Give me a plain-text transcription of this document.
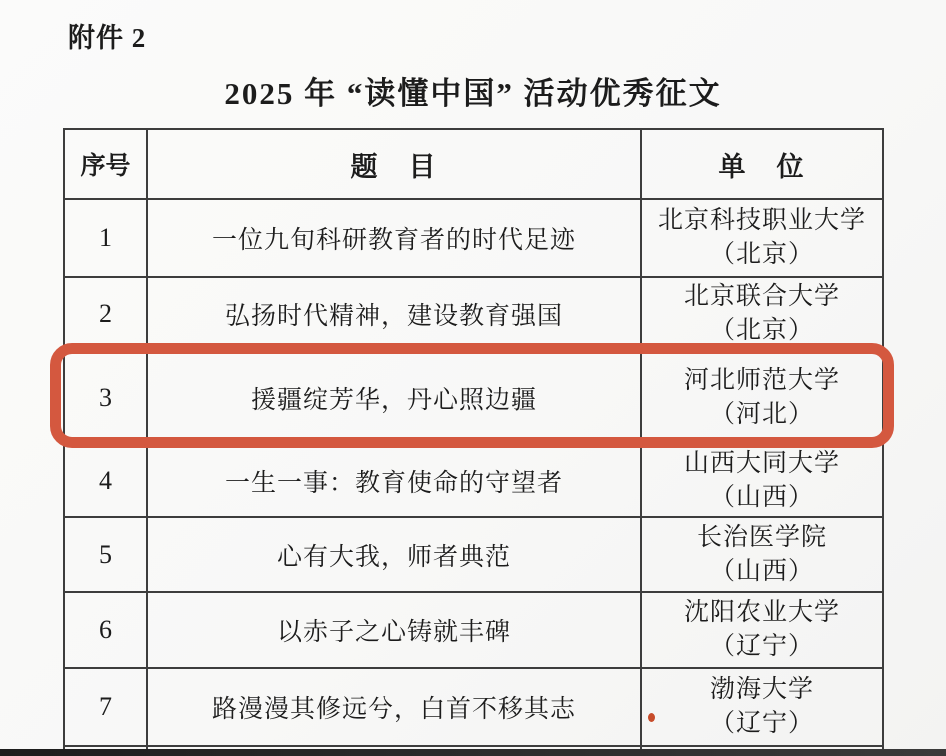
附件 2
2025 年 “读懂中国” 活动优秀征文
序号	题　目	单　位
1	一位九旬科研教育者的时代足迹	北京科技职业大学
（北京）

2	弘扬时代精神，建设教育强国	北京联合大学
（北京）

3	援疆绽芳华，丹心照边疆	河北师范大学
（河北）

4	一生一事：教育使命的守望者	山西大同大学
（山西）

5	心有大我，师者典范	长治医学院
（山西）

6	以赤子之心铸就丰碑	沈阳农业大学
（辽宁）

7	路漫漫其修远兮，白首不移其志	渤海大学
（辽宁）
